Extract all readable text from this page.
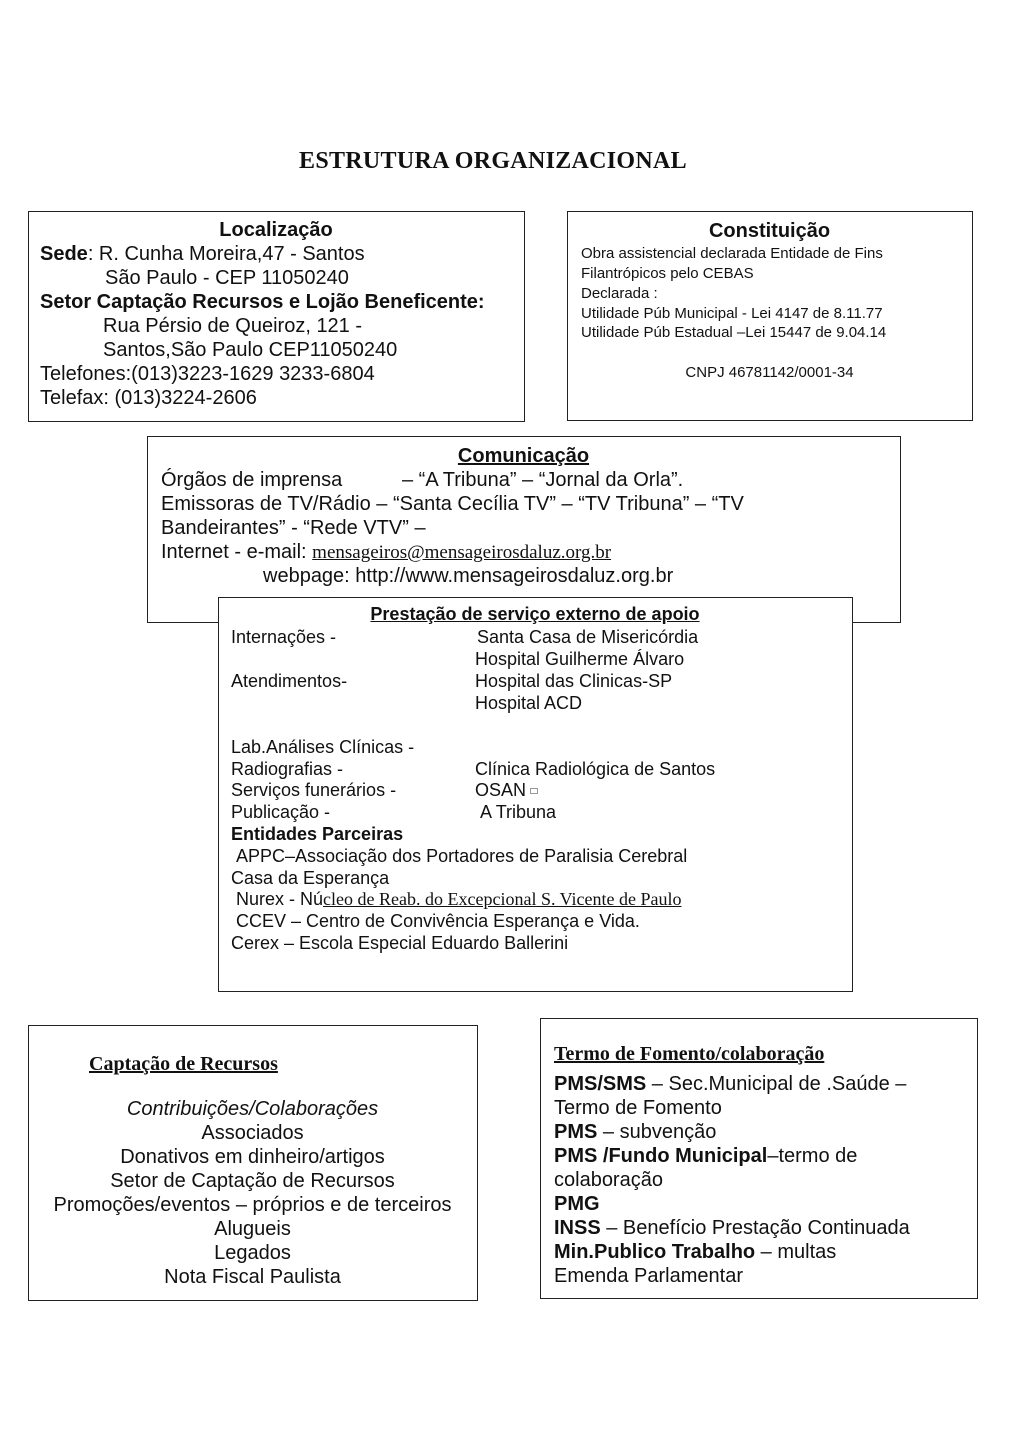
ESTRUTURA ORGANIZACIONAL
Localização
Sede: R. Cunha Moreira,47 - Santos
São Paulo - CEP 11050240
Setor Captação Recursos e Lojão Beneficente:
Rua Pérsio de Queiroz, 121 -
Santos,São Paulo CEP11050240
Telefones:(013)3223-1629 3233-6804
Telefax: (013)3224-2606
Constituição
Obra assistencial declarada Entidade de Fins
Filantrópicos pelo CEBAS
Declarada :
Utilidade Púb Municipal - Lei 4147 de 8.11.77
Utilidade Púb Estadual –Lei 15447 de 9.04.14
CNPJ 46781142/0001-34
Comunicação
Órgãos de imprensa	– “A Tribuna” – “Jornal da Orla”.
Emissoras de TV/Rádio – “Santa Cecília TV” – “TV Tribuna” – “TV
Bandeirantes” - “Rede VTV” –
Internet - e-mail: mensageiros@mensageirosdaluz.org.br
webpage: http://www.mensageirosdaluz.org.br
Prestação de serviço externo de apoio
Internações -	Santa Casa de Misericórdia
Hospital Guilherme Álvaro
Atendimentos-	Hospital das Clinicas-SP
Hospital ACD
Lab.Análises Clínicas -
Radiografias -	Clínica Radiológica de Santos
Serviços funerários -	OSAN
Publicação -	A Tribuna
Entidades Parceiras
APPC–Associação dos Portadores de Paralisia Cerebral
Casa da Esperança
Nurex - Núcleo de Reab. do Excepcional S. Vicente de Paulo
CCEV – Centro de Convivência Esperança e Vida.
Cerex – Escola Especial Eduardo Ballerini
Captação de Recursos
Contribuições/Colaborações
Associados
Donativos em dinheiro/artigos
Setor de Captação de Recursos
Promoções/eventos – próprios e de terceiros
Alugueis
Legados
Nota Fiscal Paulista
Termo de Fomento/colaboração
PMS/SMS – Sec.Municipal de .Saúde –
Termo de Fomento
PMS – subvenção
PMS /Fundo Municipal–termo de
colaboração
PMG
INSS – Benefício Prestação Continuada
Min.Publico Trabalho – multas
Emenda Parlamentar
